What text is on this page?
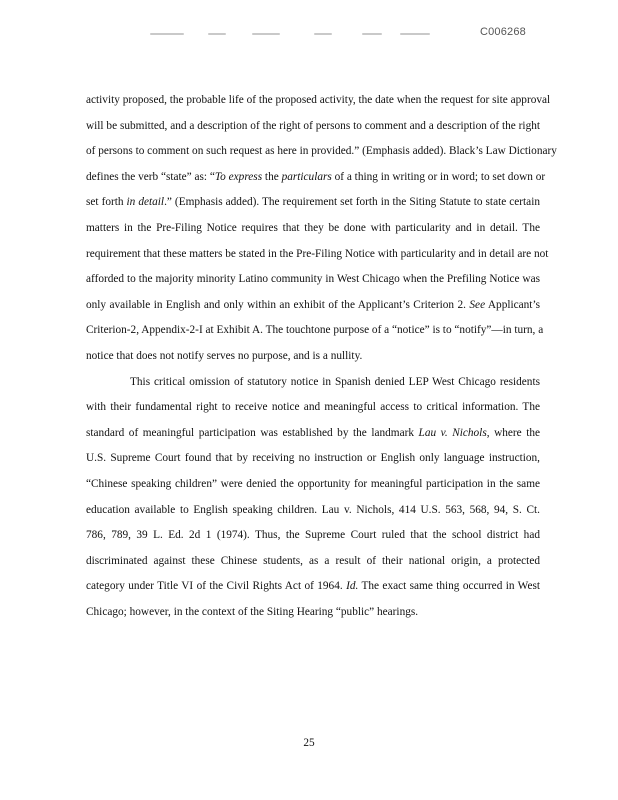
C006268
activity proposed, the probable life of the proposed activity, the date when the request for site approval
will be submitted, and a description of the right of persons to comment and a description of the right
of persons to comment on such request as here in provided.” (Emphasis added). Black’s Law Dictionary
defines the verb “state” as: “To express the particulars of a thing in writing or in word; to set down or
set forth in detail.” (Emphasis added). The requirement set forth in the Siting Statute to state certain
matters in the Pre-Filing Notice requires that they be done with particularity and in detail. The
requirement that these matters be stated in the Pre-Filing Notice with particularity and in detail are not
afforded to the majority minority Latino community in West Chicago when the Prefiling Notice was
only available in English and only within an exhibit of the Applicant’s Criterion 2. See Applicant’s
Criterion-2, Appendix-2-I at Exhibit A. The touchtone purpose of a “notice” is to “notify”—in turn, a
notice that does not notify serves no purpose, and is a nullity.
This critical omission of statutory notice in Spanish denied LEP West Chicago residents
with their fundamental right to receive notice and meaningful access to critical information. The
standard of meaningful participation was established by the landmark Lau v. Nichols, where the
U.S. Supreme Court found that by receiving no instruction or English only language instruction,
“Chinese speaking children” were denied the opportunity for meaningful participation in the same
education available to English speaking children. Lau v. Nichols, 414 U.S. 563, 568, 94, S. Ct.
786, 789, 39 L. Ed. 2d 1 (1974). Thus, the Supreme Court ruled that the school district had
discriminated against these Chinese students, as a result of their national origin, a protected
category under Title VI of the Civil Rights Act of 1964. Id. The exact same thing occurred in West
Chicago; however, in the context of the Siting Hearing “public” hearings.
25
